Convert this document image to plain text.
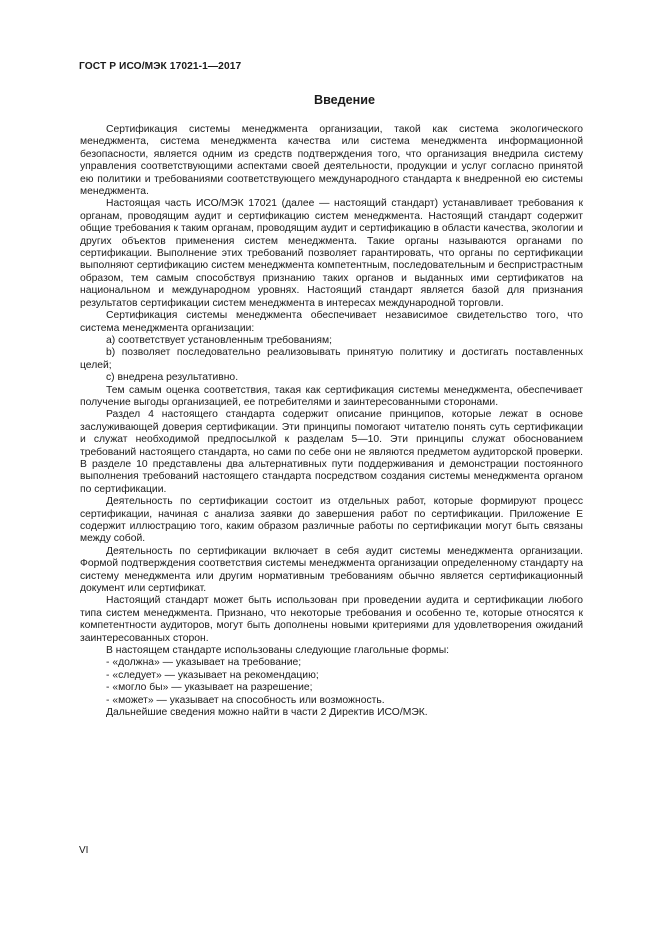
ГОСТ Р ИСО/МЭК 17021-1—2017
Введение

Сертификация системы менеджмента организации, такой как система экологического менеджмента, система менеджмента качества или система менеджмента информационной безопасности, является одним из средств подтверждения того, что организация внедрила систему управления соответствующими аспектами своей деятельности, продукции и услуг согласно принятой ею политики и требованиями соответствующего международного стандарта к внедренной ею системы менеджмента.

Настоящая часть ИСО/МЭК 17021 (далее — настоящий стандарт) устанавливает требования к органам, проводящим аудит и сертификацию систем менеджмента. Настоящий стандарт содержит общие требования к таким органам, проводящим аудит и сертификацию в области качества, экологии и других объектов применения систем менеджмента. Такие органы называются органами по сертификации. Выполнение этих требований позволяет гарантировать, что органы по сертификации выполняют сертификацию систем менеджмента компетентным, последовательным и беспристрастным образом, тем самым способствуя признанию таких органов и выданных ими сертификатов на национальном и международном уровнях. Настоящий стандарт является базой для признания результатов сертификации систем менеджмента в интересах международной торговли.

Сертификация системы менеджмента обеспечивает независимое свидетельство того, что система менеджмента организации:

a) соответствует установленным требованиям;

b) позволяет последовательно реализовывать принятую политику и достигать поставленных целей;

c) внедрена результативно.

Тем самым оценка соответствия, такая как сертификация системы менеджмента, обеспечивает получение выгоды организацией, ее потребителями и заинтересованными сторонами.

Раздел 4 настоящего стандарта содержит описание принципов, которые лежат в основе заслуживающей доверия сертификации. Эти принципы помогают читателю понять суть сертификации и служат необходимой предпосылкой к разделам 5—10. Эти принципы служат обоснованием требований настоящего стандарта, но сами по себе они не являются предметом аудиторской проверки. В разделе 10 представлены два альтернативных пути поддерживания и демонстрации постоянного выполнения требований настоящего стандарта посредством создания системы менеджмента органом по сертификации.

Деятельность по сертификации состоит из отдельных работ, которые формируют процесс сертификации, начиная с анализа заявки до завершения работ по сертификации. Приложение Е содержит иллюстрацию того, каким образом различные работы по сертификации могут быть связаны между собой.

Деятельность по сертификации включает в себя аудит системы менеджмента организации. Формой подтверждения соответствия системы менеджмента организации определенному стандарту на систему менеджмента или другим нормативным требованиям обычно является сертификационный документ или сертификат.

Настоящий стандарт может быть использован при проведении аудита и сертификации любого типа систем менеджмента. Признано, что некоторые требования и особенно те, которые относятся к компетентности аудиторов, могут быть дополнены новыми критериями для удовлетворения ожиданий заинтересованных сторон.

В настоящем стандарте использованы следующие глагольные формы:

- «должна» — указывает на требование;

- «следует» — указывает на рекомендацию;

- «могло бы» — указывает на разрешение;

- «может» — указывает на способность или возможность.

Дальнейшие сведения можно найти в части 2 Директив ИСО/МЭК.

VI
